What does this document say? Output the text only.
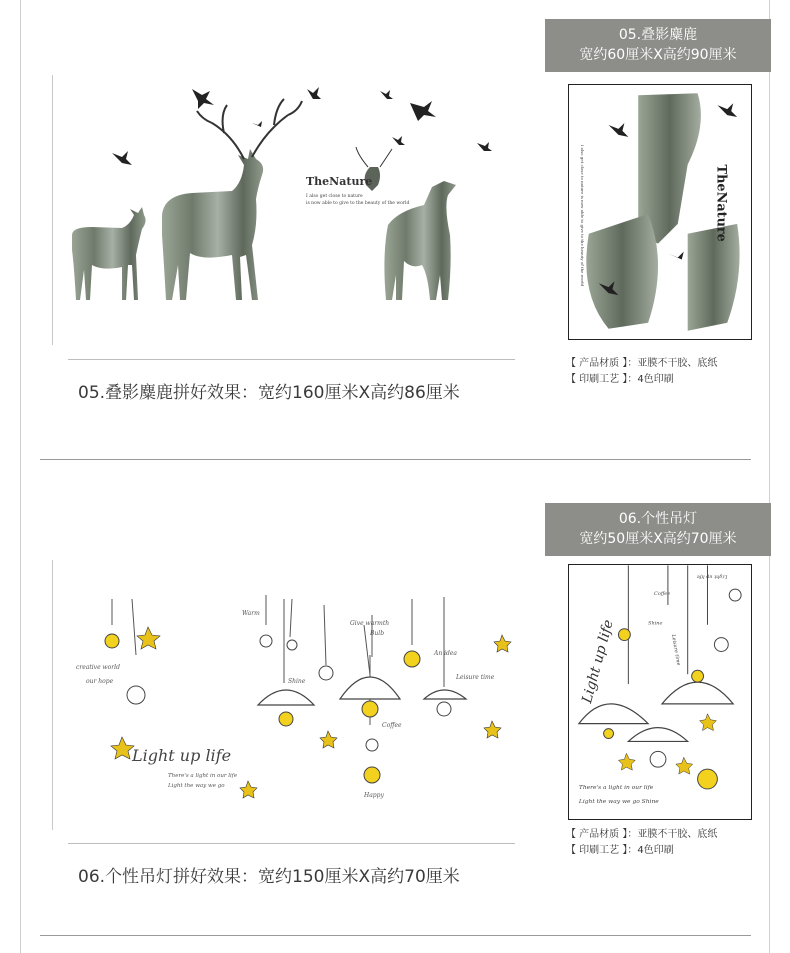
05.叠影麋鹿
宽约60厘米X高约90厘米
TheNature
I also get close to nature
is now able to give to the beauty of the world	TheNature
I also get close to nature is now able to give to the beauty of the world
【 产品材质 】：亚膜不干胶、底纸
【 印刷工艺 】：4色印刷
05.叠影麋鹿拼好效果：宽约160厘米X高约86厘米
06.个性吊灯
宽约50厘米X高约70厘米
Light up life
There's a light in our life
Light the way we go
creative world
our hope
Warm
Give warmth
Bulb
An idea
Leisure time
Shine
Coffee
Happy
Light up life
There's a light in our life
Light the way we go Shine
Shine
Coffee
Leisure time
Light up life
【 产品材质 】：亚膜不干胶、底纸
【 印刷工艺 】：4色印刷
06.个性吊灯拼好效果：宽约150厘米X高约70厘米
